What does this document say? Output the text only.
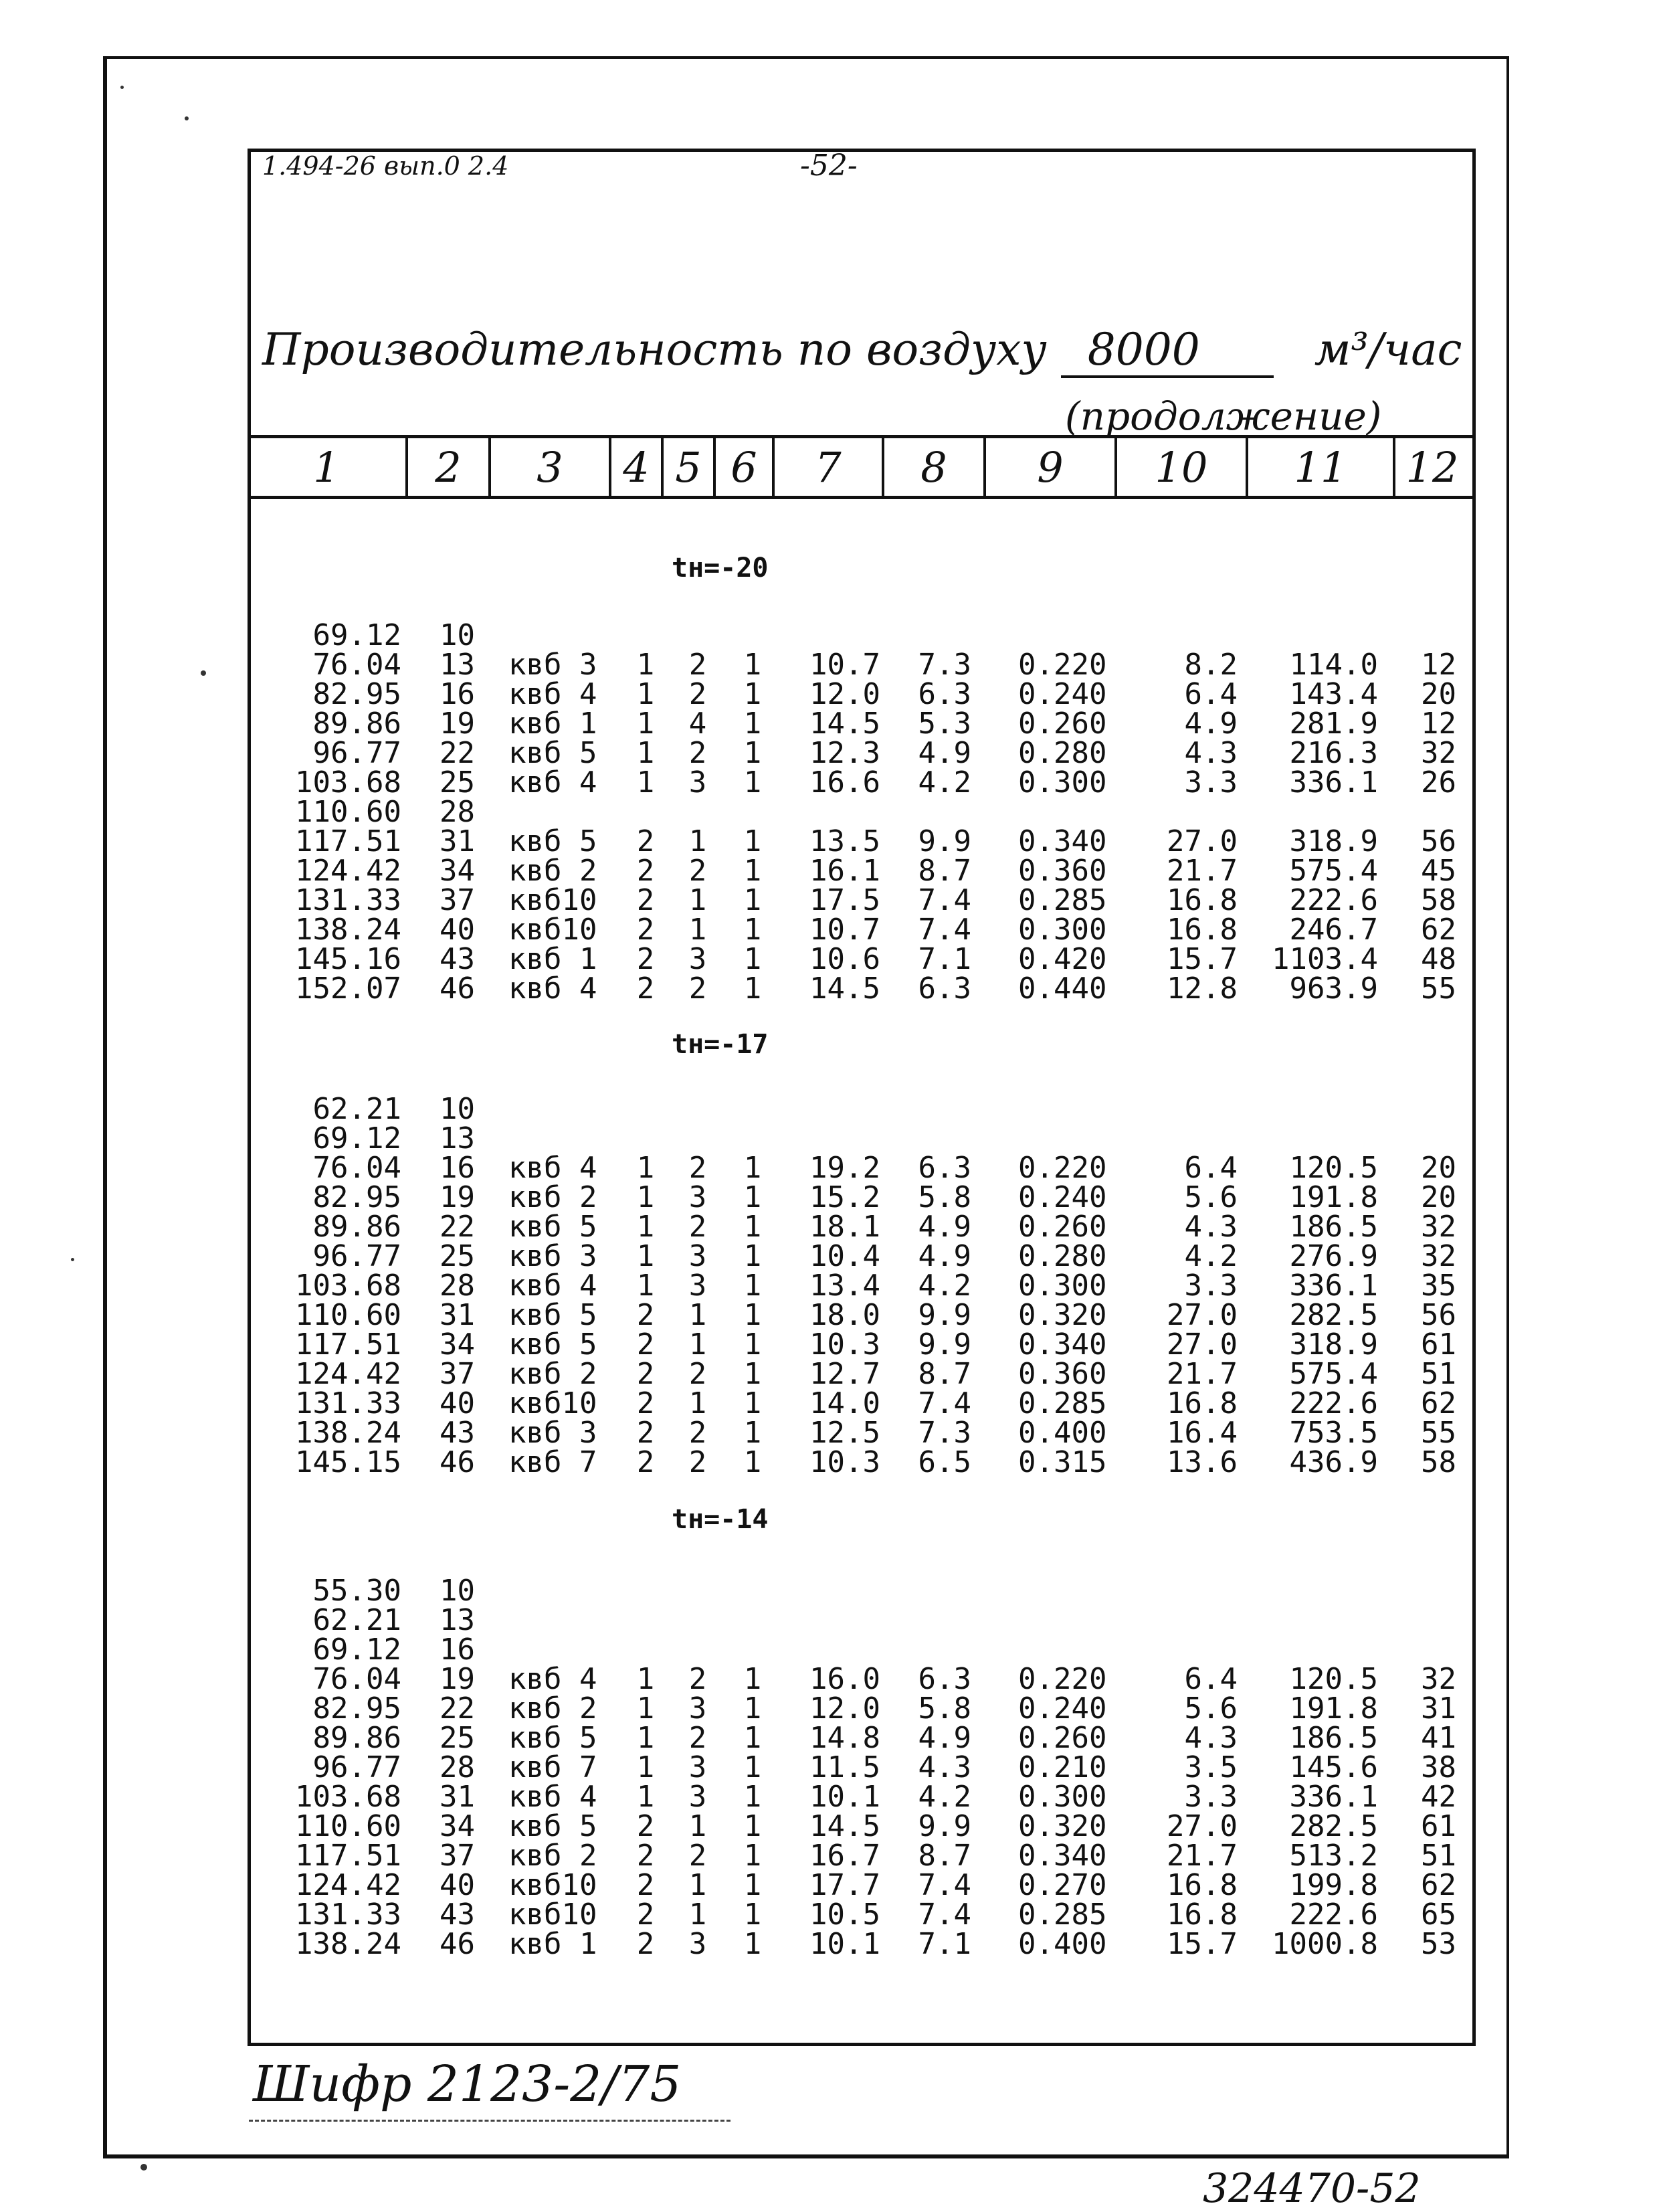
1.494-26 вып.0 2.4	-52-
Производительность по воздуху 8000	м³/час
(продолжение)
1	2	3	4 5 6	7	8	9	10	11	12
tн=-20
69.12	10
76.04	13 квб 3	1 2 1	10.7	7.3 0.220	8.2	114.0 12
82.95	16 квб 4	1 2 1	12.0	6.3 0.240	6.4	143.4 20
89.86	19 квб 1	1 4 1	14.5	5.3 0.260	4.9	281.9 12
96.77	22 квб 5	1 2 1	12.3	4.9 0.280	4.3	216.3 32
103.68	25 квб 4	1 3 1	16.6	4.2 0.300	3.3	336.1 26
110.60	28
117.51	31 квб 5	2 1 1	13.5	9.9 0.340	27.0	318.9 56
124.42	34 квб 2	2 2 1	16.1	8.7 0.360	21.7	575.4 45
131.33	37 квб10	2 1 1	17.5	7.4 0.285	16.8	222.6 58
138.24	40 квб10	2 1 1	10.7	7.4 0.300	16.8	246.7 62
145.16	43 квб 1	2 3 1	10.6	7.1 0.420	15.7 1103.4 48
152.07	46 квб 4	2 2 1	14.5	6.3 0.440	12.8	963.9 55
tн=-17
62.21	10
69.12	13
76.04	16 квб 4	1 2 1	19.2	6.3 0.220	6.4	120.5 20
82.95	19 квб 2	1 3 1	15.2	5.8 0.240	5.6	191.8 20
89.86	22 квб 5	1 2 1	18.1	4.9 0.260	4.3	186.5 32
96.77	25 квб 3	1 3 1	10.4	4.9 0.280	4.2	276.9 32
103.68	28 квб 4	1 3 1	13.4	4.2 0.300	3.3	336.1 35
110.60	31 квб 5	2 1 1	18.0	9.9 0.320	27.0	282.5 56
117.51	34 квб 5	2 1 1	10.3	9.9 0.340	27.0	318.9 61
124.42	37 квб 2	2 2 1	12.7	8.7 0.360	21.7	575.4 51
131.33	40 квб10	2 1 1	14.0	7.4 0.285	16.8	222.6 62
138.24	43 квб 3	2 2 1	12.5	7.3 0.400	16.4	753.5 55
145.15	46 квб 7	2 2 1	10.3	6.5 0.315	13.6	436.9 58
tн=-14
55.30	10
62.21	13
69.12	16
76.04	19 квб 4	1 2 1	16.0	6.3 0.220	6.4	120.5 32
82.95	22 квб 2	1 3 1	12.0	5.8 0.240	5.6	191.8 31
89.86	25 квб 5	1 2 1	14.8	4.9 0.260	4.3	186.5 41
96.77	28 квб 7	1 3 1	11.5	4.3 0.210	3.5	145.6 38
103.68	31 квб 4	1 3 1	10.1	4.2 0.300	3.3	336.1 42
110.60	34 квб 5	2 1 1	14.5	9.9 0.320	27.0	282.5 61
117.51	37 квб 2	2 2 1	16.7	8.7 0.340	21.7	513.2 51
124.42	40 квб10	2 1 1	17.7	7.4 0.270	16.8	199.8 62
131.33	43 квб10	2 1 1	10.5	7.4 0.285	16.8	222.6 65
138.24	46 квб 1	2 3 1	10.1	7.1 0.400	15.7 1000.8 53
Шифр 2123-2/75
324470-52
